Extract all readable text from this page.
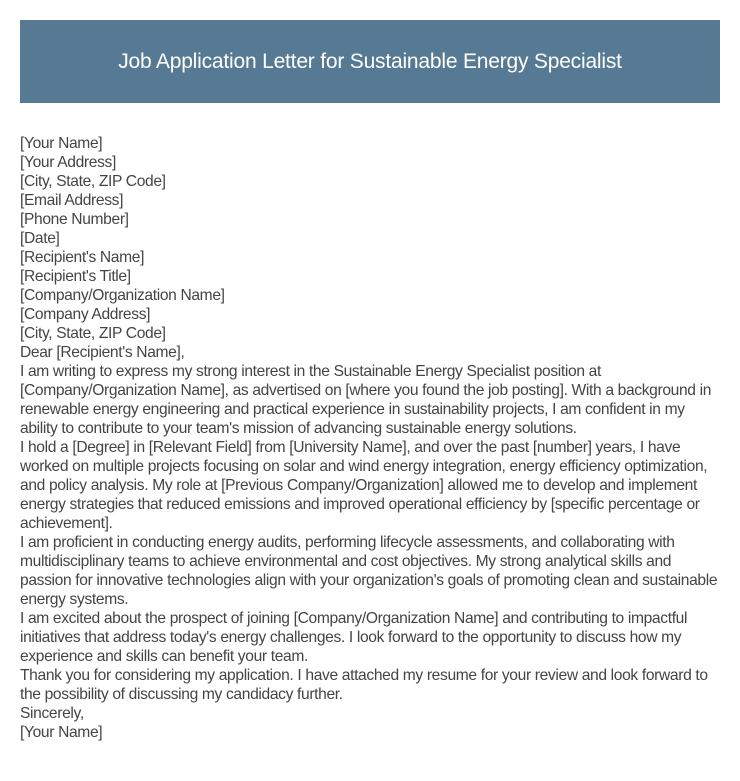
Job Application Letter for Sustainable Energy Specialist
[Your Name]
[Your Address]
[City, State, ZIP Code]
[Email Address]
[Phone Number]
[Date]
[Recipient's Name]
[Recipient's Title]
[Company/Organization Name]
[Company Address]
[City, State, ZIP Code]
Dear [Recipient's Name],

I am writing to express my strong interest in the Sustainable Energy Specialist position at [Company/Organization Name], as advertised on [where you found the job posting]. With a background in renewable energy engineering and practical experience in sustainability projects, I am confident in my ability to contribute to your team's mission of advancing sustainable energy solutions.

I hold a [Degree] in [Relevant Field] from [University Name], and over the past [number] years, I have worked on multiple projects focusing on solar and wind energy integration, energy efficiency optimization, and policy analysis. My role at [Previous Company/Organization] allowed me to develop and implement energy strategies that reduced emissions and improved operational efficiency by [specific percentage or achievement].

I am proficient in conducting energy audits, performing lifecycle assessments, and collaborating with multidisciplinary teams to achieve environmental and cost objectives. My strong analytical skills and passion for innovative technologies align with your organization's goals of promoting clean and sustainable energy systems.

I am excited about the prospect of joining [Company/Organization Name] and contributing to impactful initiatives that address today's energy challenges. I look forward to the opportunity to discuss how my experience and skills can benefit your team.

Thank you for considering my application. I have attached my resume for your review and look forward to the possibility of discussing my candidacy further.

Sincerely,
[Your Name]
